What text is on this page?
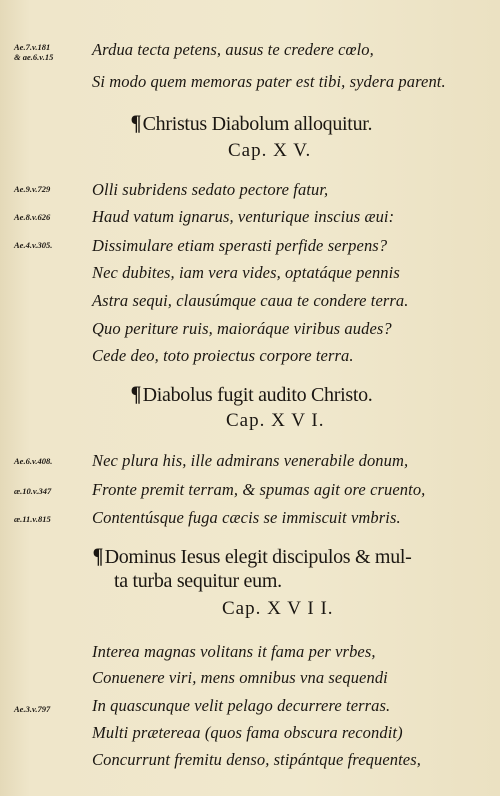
Ae.7.v.181
& ae.6.v.15 Ardua tecta petens, ausus te credere cœlo,
Si modo quem memoras pater est tibi, sydera parent.
¶Christus Diabolum alloquitur.
Cap. X V.
Ae.9.v.729
Ae.8.v.626
Ae.4.v.305.
Olli subridens sedato pectore fatur,
Haud vatum ignarus, venturique inscius æui:
Dissimulare etiam sperasti perfide serpens?
Nec dubites, iam vera vides, optatáque pennis
Astra sequi, clausúmque caua te condere terra.
Quo periture ruis, maioráque viribus audes?
Cede deo, toto proiectus corpore terra.
¶Diabolus fugit audito Christo.
Cap. X V I.
Ae.6.v.408.
æ.10.v.347
æ.11.v.815
Nec plura his, ille admirans venerabile donum,
Fronte premit terram, & spumas agit ore cruento,
Contentúsque fuga cæcis se immiscuit vmbris.
¶Dominus Iesus elegit discipulos & mul-
ta turba sequitur eum.
Cap. X V I I.
Ae.3.v.797
Interea magnas volitans it fama per vrbes,
Conuenere viri, mens omnibus vna sequendi
In quascunque velit pelago decurrere terras.
Multi prætereaa (quos fama obscura recondit)
Concurrunt fremitu denso, stipántque frequentes,
